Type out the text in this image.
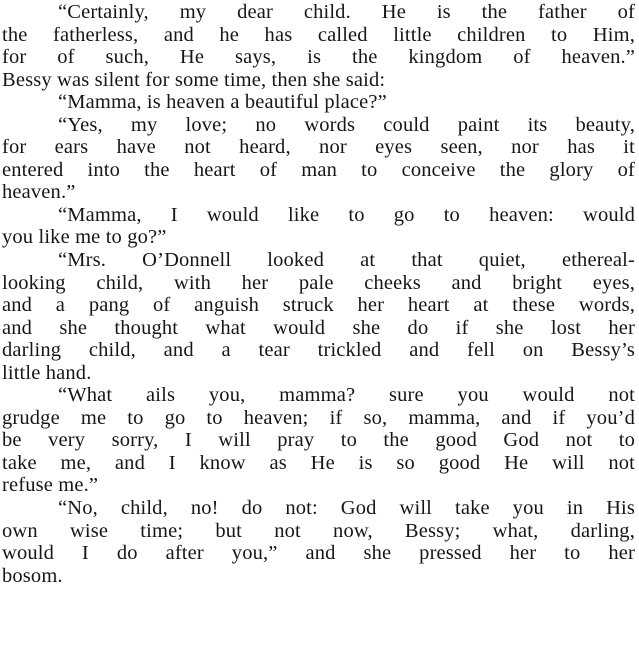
“Certainly, my dear child. He is the father of
the fatherless, and he has called little children to Him,
for of such, He says, is the kingdom of heaven.”
Bessy was silent for some time, then she said:
“Mamma, is heaven a beautiful place?”
“Yes, my love; no words could paint its beauty,
for ears have not heard, nor eyes seen, nor has it
entered into the heart of man to conceive the glory of
heaven.”
“Mamma, I would like to go to heaven: would
you like me to go?”
“Mrs. O’Donnell looked at that quiet, ethereal-
looking child, with her pale cheeks and bright eyes,
and a pang of anguish struck her heart at these words,
and she thought what would she do if she lost her
darling child, and a tear trickled and fell on Bessy’s
little hand.
“What ails you, mamma? sure you would not
grudge me to go to heaven; if so, mamma, and if you’d
be very sorry, I will pray to the good God not to
take me, and I know as He is so good He will not
refuse me.”
“No, child, no! do not: God will take you in His
own wise time; but not now, Bessy; what, darling,
would I do after you,” and she pressed her to her
bosom.
